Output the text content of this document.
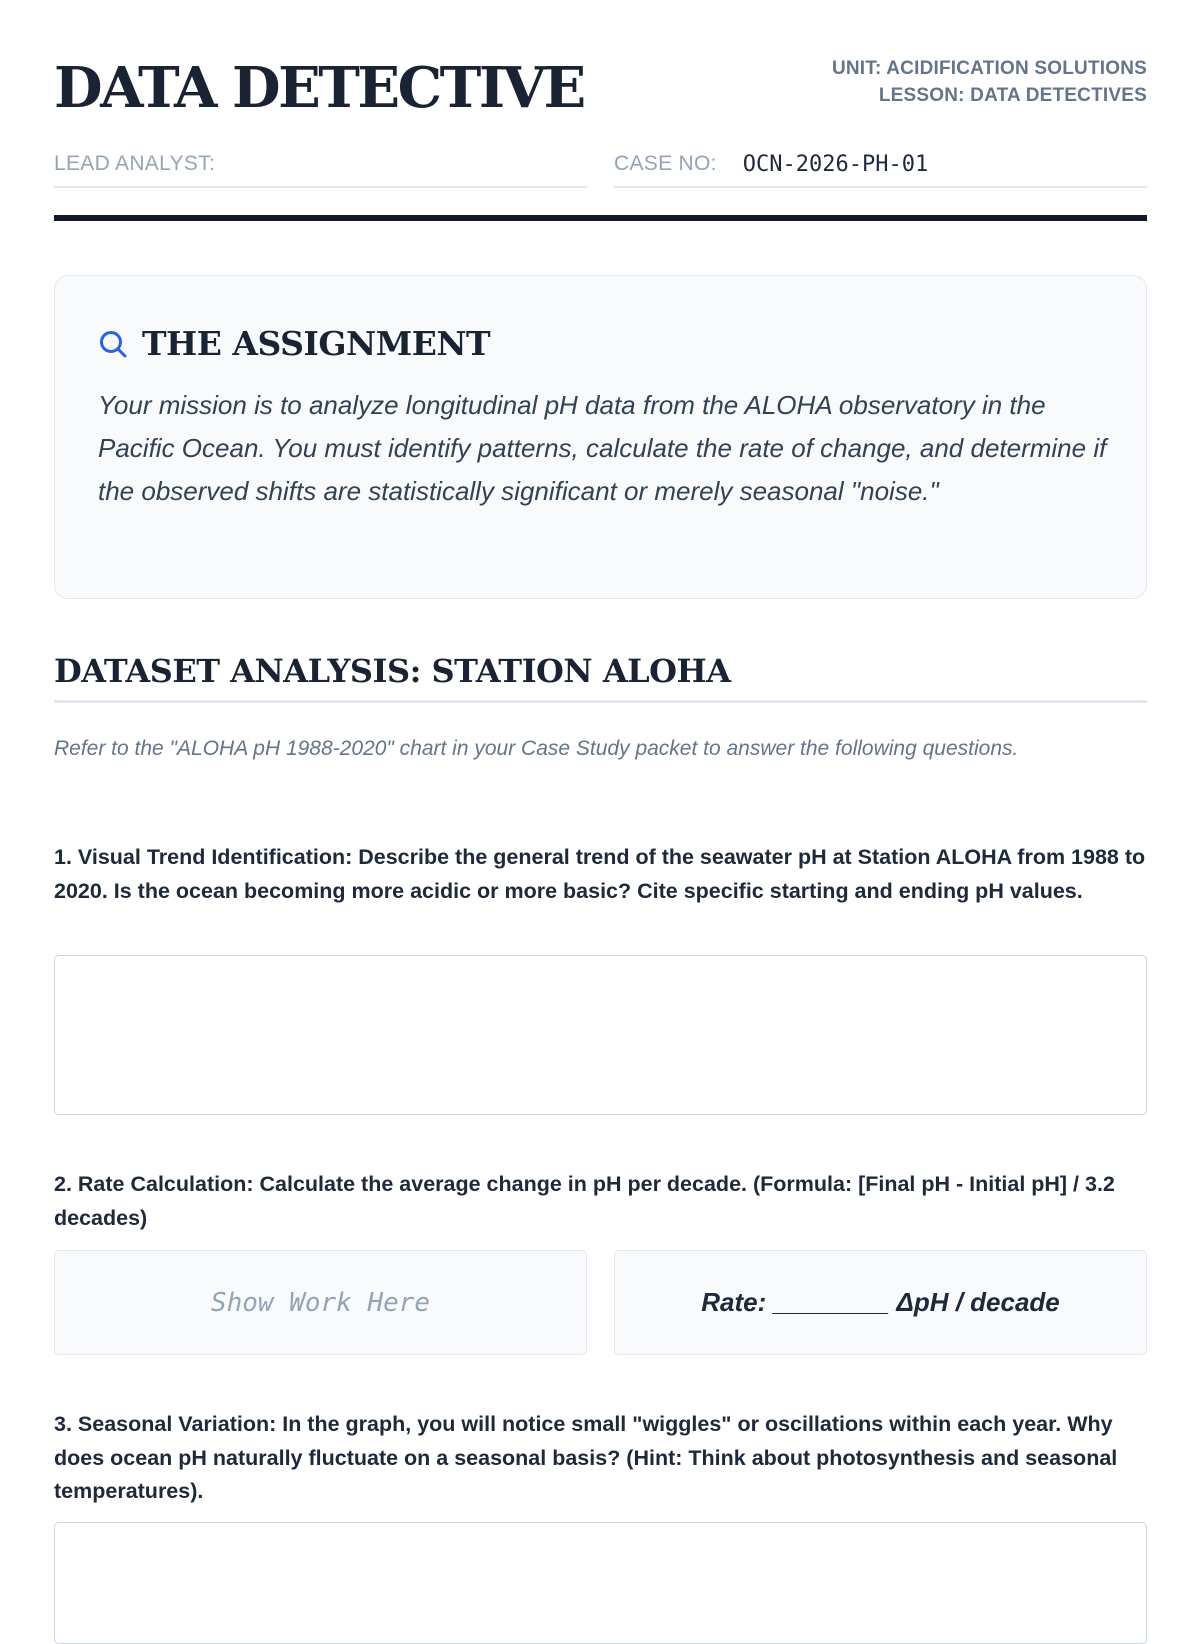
DATA DETECTIVE	UNIT: ACIDIFICATION SOLUTIONS
LESSON: DATA DETECTIVES
LEAD ANALYST:	CASE NO: OCN-2026-PH-01
THE ASSIGNMENT

Your mission is to analyze longitudinal pH data from the ALOHA observatory in the Pacific Ocean. You must identify patterns, calculate the rate of change, and determine if the observed shifts are statistically significant or merely seasonal "noise."

DATASET ANALYSIS: STATION ALOHA

Refer to the "ALOHA pH 1988-2020" chart in your Case Study packet to answer the following questions.

1. Visual Trend Identification: Describe the general trend of the seawater pH at Station ALOHA from 1988 to 2020. Is the ocean becoming more acidic or more basic? Cite specific starting and ending pH values.

2. Rate Calculation: Calculate the average change in pH per decade. (Formula: [Final pH - Initial pH] / 3.2 decades)

Show Work Here	Rate: ________ ΔpH / decade

3. Seasonal Variation: In the graph, you will notice small "wiggles" or oscillations within each year. Why does ocean pH naturally fluctuate on a seasonal basis? (Hint: Think about photosynthesis and seasonal temperatures).
